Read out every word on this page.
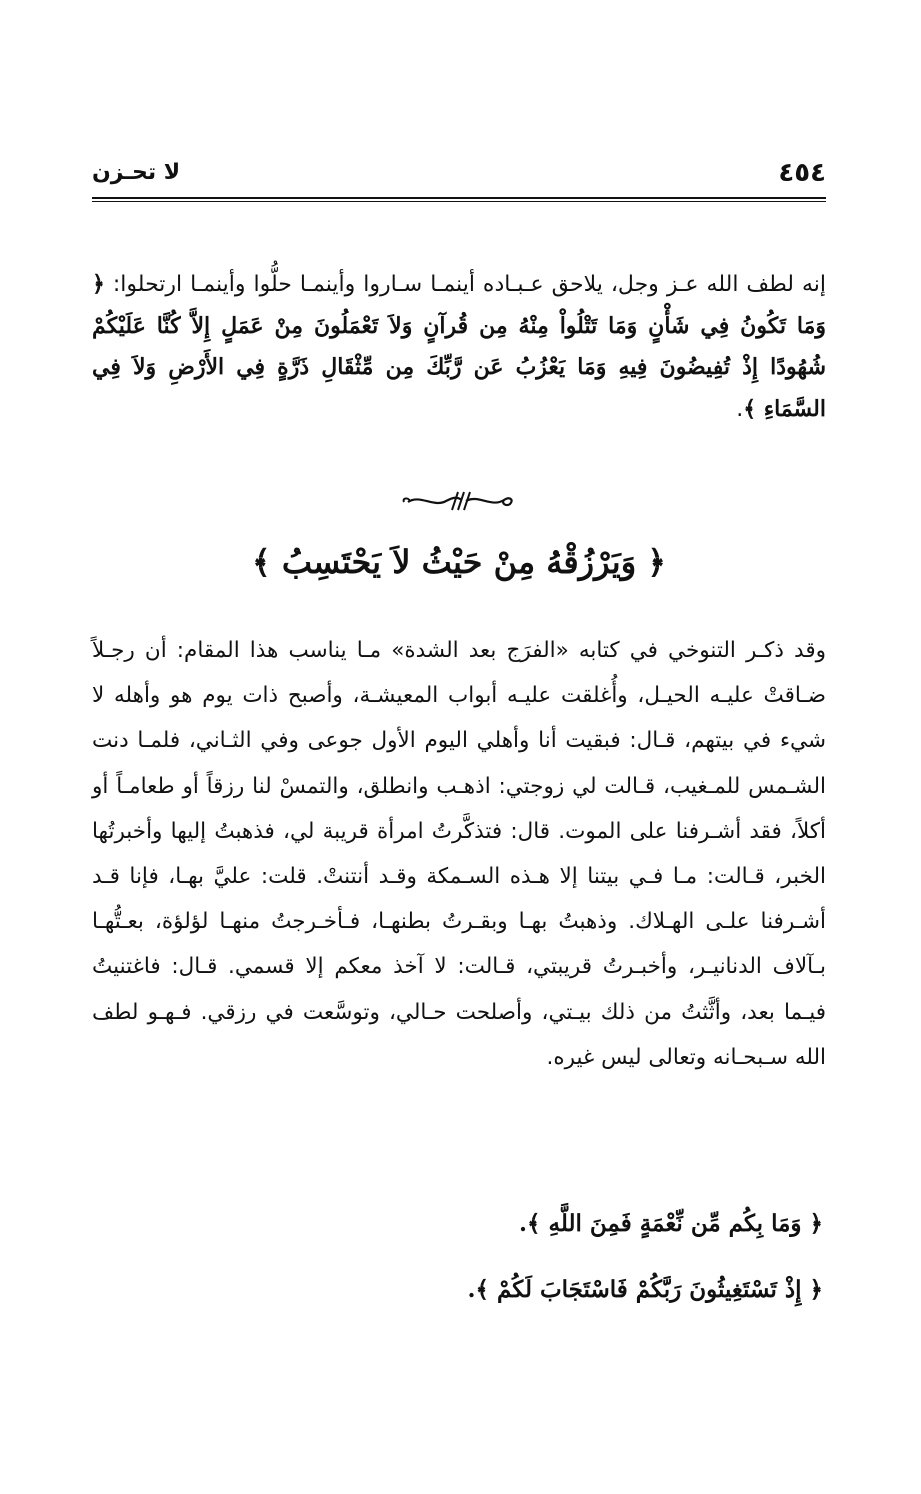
٤٥٤
لا تحـزن
إنه لطف الله عـز وجل، يلاحق عـبـاده أينمـا سـاروا وأينمـا حلُّوا وأينمـا ارتحلوا: ﴿ وَمَا تَكُونُ فِي شَأْنٍ وَمَا تَتْلُواْ مِنْهُ مِن قُرآنٍ وَلاَ تَعْمَلُونَ مِنْ عَمَلٍ إِلاَّ كُنَّا عَلَيْكُمْ شُهُودًا إِذْ تُفِيضُونَ فِيهِ وَمَا يَعْزُبُ عَن رَّبِّكَ مِن مِّثْقَالِ ذَرَّةٍ فِي الأَرْضِ وَلاَ فِي السَّمَاءِ ﴾.
﴿ وَيَرْزُقْهُ مِنْ حَيْثُ لاَ يَحْتَسِبُ ﴾
وقد ذكـر التنوخي في كتابه «الفرَج بعد الشدة» مـا يناسب هذا المقام: أن رجـلاً ضـاقتْ عليـه الحيـل، وأُغلقت عليـه أبواب المعيشـة، وأصبح ذات يوم هو وأهله لا شيء في بيتهم، قـال: فبقيت أنا وأهلي اليوم الأول جوعى وفي الثـاني، فلمـا دنت الشـمس للمـغيب، قـالت لي زوجتي: اذهـب وانطلق، والتمسْ لنا رزقاً أو طعامـاً أو أكلاً، فقد أشـرفنا على الموت. قال: فتذكَّرتُ امرأة قريبة لي، فذهبتُ إليها وأخبرتُها الخبر، قـالت: مـا فـي بيتنا إلا هـذه السـمكة وقـد أنتنتْ. قلت: عليَّ بهـا، فإنا قـد أشـرفنا علـى الهـلاك. وذهبتُ بهـا وبقـرتُ بطنهـا، فـأخـرجتُ منهـا لؤلؤة، بعـتُّهـا بـآلاف الدنانيـر، وأخبـرتُ قريبتي، قـالت: لا آخذ معكم إلا قسمي. قـال: فاغتنيتُ فيـما بعد، وأثَّثتُ من ذلك بيـتي، وأصلحت حـالي، وتوسَّعت في رزقي. فـهـو لطف الله سـبحـانه وتعالى ليس غيره.
﴿ وَمَا بِكُم مِّن نِّعْمَةٍ فَمِنَ اللَّهِ ﴾.
﴿ إِذْ تَسْتَغِيثُونَ رَبَّكُمْ فَاسْتَجَابَ لَكُمْ ﴾.
